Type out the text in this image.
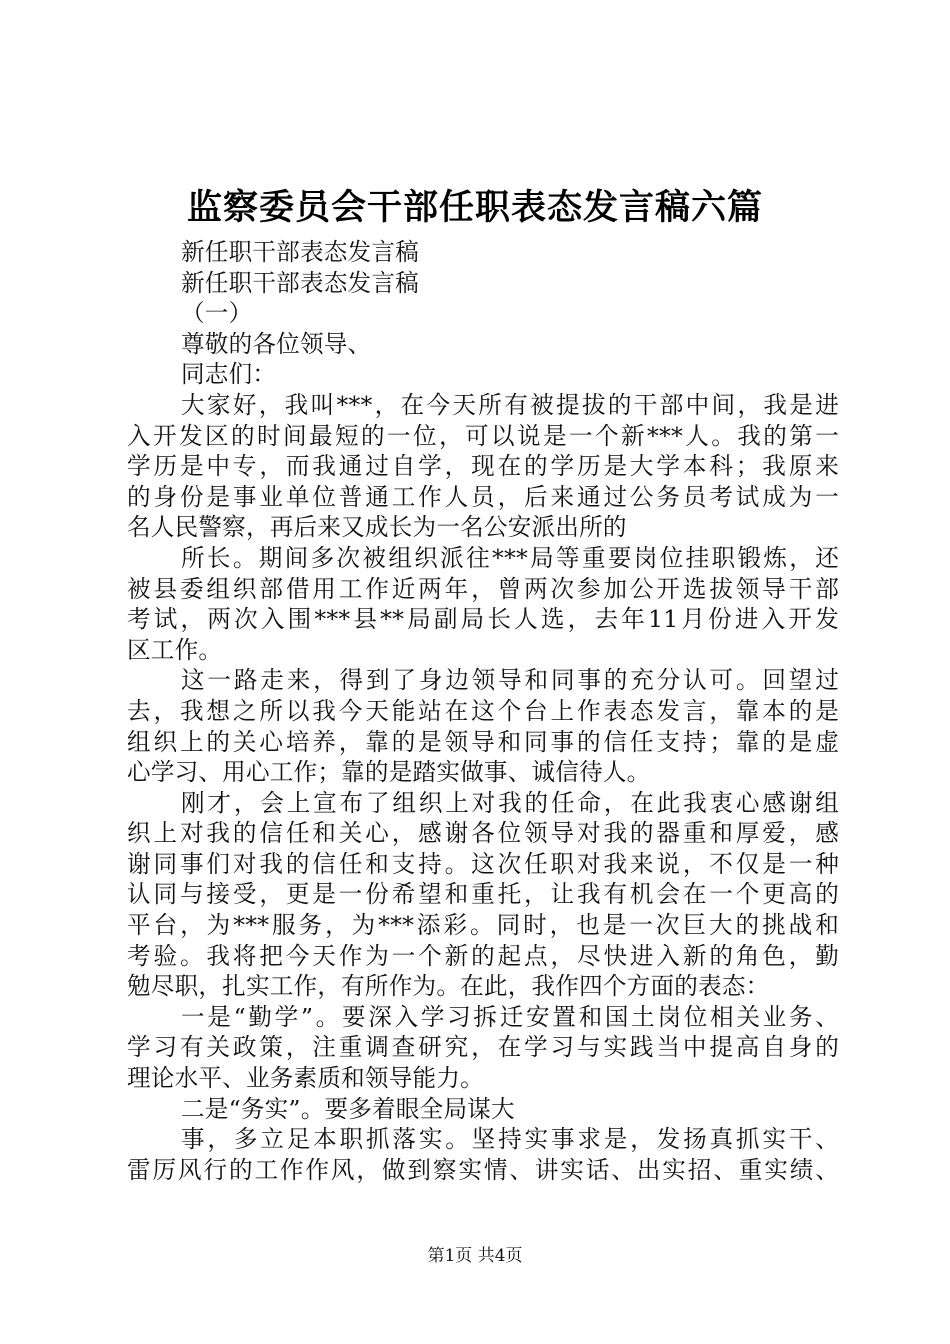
监察委员会干部任职表态发言稿六篇
新任职干部表态发言稿
新任职干部表态发言稿
（一）
尊敬的各位领导、
同志们：
大家好，我叫***，在今天所有被提拔的干部中间，我是进
入开发区的时间最短的一位，可以说是一个新***人。我的第一
学历是中专，而我通过自学，现在的学历是大学本科；我原来
的身份是事业单位普通工作人员，后来通过公务员考试成为一
名人民警察，再后来又成长为一名公安派出所的
所长。期间多次被组织派往***局等重要岗位挂职锻炼，还
被县委组织部借用工作近两年，曾两次参加公开选拔领导干部
考试，两次入围***县**局副局长人选，去年11月份进入开发
区工作。
这一路走来，得到了身边领导和同事的充分认可。回望过
去，我想之所以我今天能站在这个台上作表态发言，靠本的是
组织上的关心培养，靠的是领导和同事的信任支持；靠的是虚
心学习、用心工作；靠的是踏实做事、诚信待人。
刚才，会上宣布了组织上对我的任命，在此我衷心感谢组
织上对我的信任和关心，感谢各位领导对我的器重和厚爱，感
谢同事们对我的信任和支持。这次任职对我来说，不仅是一种
认同与接受，更是一份希望和重托，让我有机会在一个更高的
平台，为***服务，为***添彩。同时，也是一次巨大的挑战和
考验。我将把今天作为一个新的起点，尽快进入新的角色，勤
勉尽职，扎实工作，有所作为。在此，我作四个方面的表态：
一是“勤学”。要深入学习拆迁安置和国土岗位相关业务、
学习有关政策，注重调查研究，在学习与实践当中提高自身的
理论水平、业务素质和领导能力。
二是“务实”。要多着眼全局谋大
事，多立足本职抓落实。坚持实事求是，发扬真抓实干、
雷厉风行的工作作风，做到察实情、讲实话、出实招、重实绩、
第1页 共4页
